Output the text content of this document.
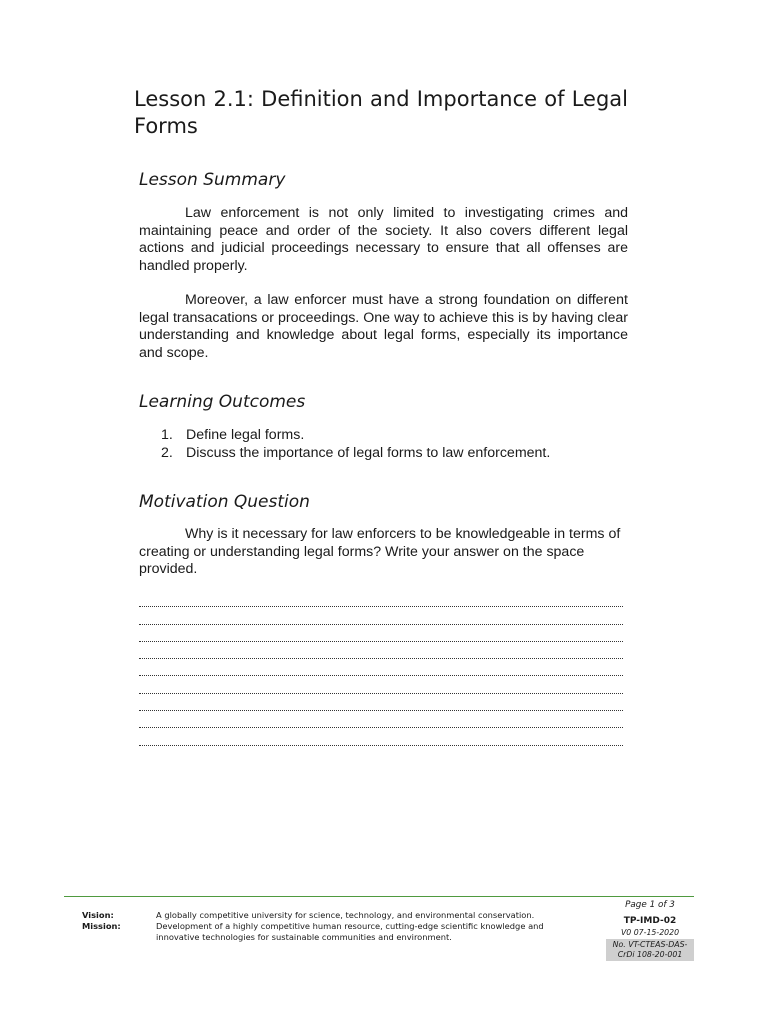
Lesson 2.1: Definition and Importance of Legal Forms
Lesson Summary

Law enforcement is not only limited to investigating crimes and maintaining peace and order of the society. It also covers different legal actions and judicial proceedings necessary to ensure that all offenses are handled properly.

Moreover, a law enforcer must have a strong foundation on different legal transacations or proceedings. One way to achieve this is by having clear understanding and knowledge about legal forms, especially its importance and scope.

Learning Outcomes
1. Define legal forms.
2. Discuss the importance of legal forms to law enforcement.
Motivation Question

Why is it necessary for law enforcers to be knowledgeable in terms of creating or understanding legal forms? Write your answer on the space provided.

Vision:	A globally competitive university for science, technology, and environmental conservation.
Mission:	Development of a highly competitive human resource, cutting-edge scientific knowledge and innovative technologies for sustainable communities and environment.
Page 1 of 3
TP-IMD-02
V0 07-15-2020
No. VT-CTEAS-DAS-CrDi 108-20-001
